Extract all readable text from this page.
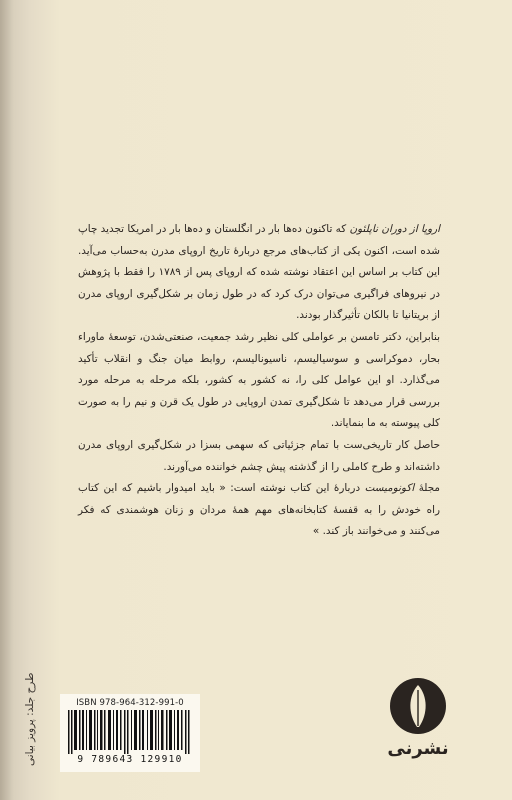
اروپا از دوران ناپلئون که تاکنون ده‌ها بار در انگلستان و ده‌ها بار در امریکا تجدید چاپ شده است، اکنون یکی از کتاب‌های مرجع دربارهٔ تاریخ اروپای مدرن به‌حساب می‌آید. این کتاب بر اساس این اعتقاد نوشته شده که اروپای پس از ۱۷۸۹ را فقط با پژوهش در نیروهای فراگیری می‌توان درک کرد که در طول زمان بر شکل‌گیری اروپای مدرن از بریتانیا تا بالکان تأثیرگذار بودند.

بنابراین، دکتر تامسن بر عواملی کلی نظیر رشد جمعیت، صنعتی‌شدن، توسعهٔ ماوراء بحار، دموکراسی و سوسیالیسم، ناسیونالیسم، روابط میان جنگ و انقلاب تأکید می‌گذارد. او این عوامل کلی را، نه کشور به کشور، بلکه مرحله به مرحله مورد بررسی قرار می‌دهد تا شکل‌گیری تمدن اروپایی در طول یک قرن و نیم را به صورت کلی پیوسته به ما بنمایاند.

حاصل کار تاریخی‌ست با تمام جزئیاتی که سهمی بسزا در شکل‌گیری اروپای مدرن داشته‌اند و طرح کاملی را از گذشته پیش چشم خواننده می‌آورند.

مجلهٔ اکونومیست دربارهٔ این کتاب نوشته است: « باید امیدوار باشیم که این کتاب راه خودش را به قفسهٔ کتابخانه‌های مهم همهٔ مردان و زنان هوشمندی که فکر می‌کنند و می‌خوانند باز کند. »

طرح جلد: پرویز بیانی	ISBN 978-964-312-991-0
9 789643 129910
نشرنی
